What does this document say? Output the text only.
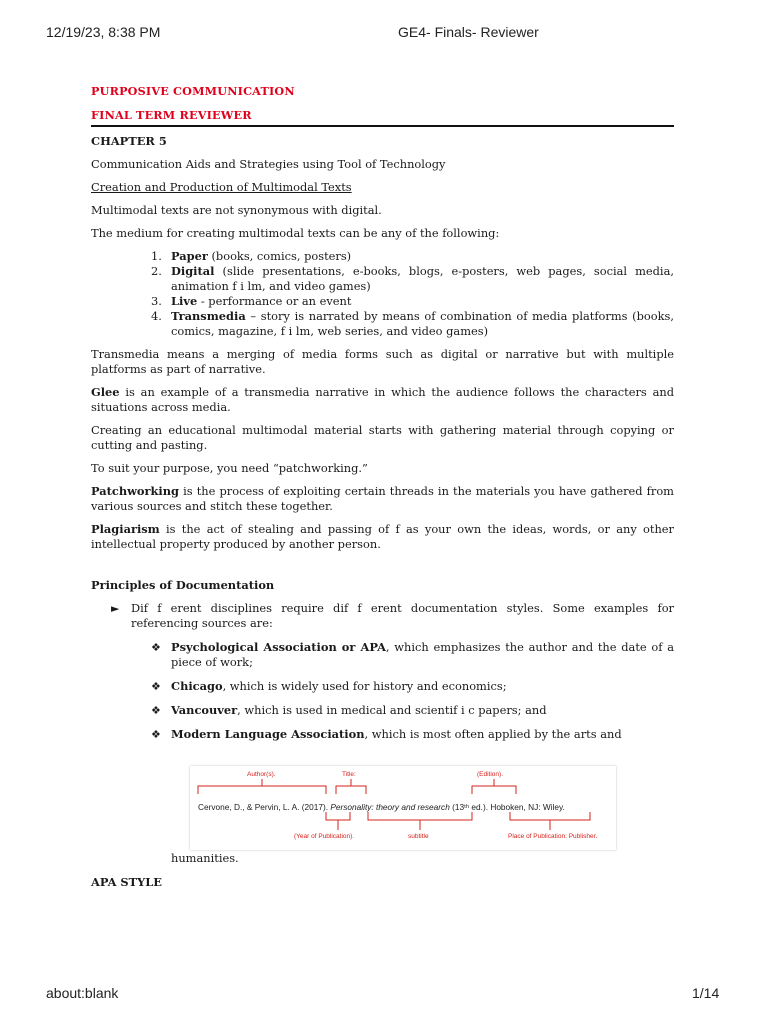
12/19/23, 8:38 PM	GE4- Finals- Reviewer

PURPOSIVE COMMUNICATION

FINAL TERM REVIEWER

CHAPTER 5

Communication Aids and Strategies using Tool of Technology

Creation and Production of Multimodal Texts

Multimodal texts are not synonymous with digital.

The medium for creating multimodal texts can be any of the following:

1. Paper (books, comics, posters)
2. Digital (slide presentations, e-books, blogs, e-posters, web pages, social media, animation f i lm, and video games)
3. Live - performance or an event
4. Transmedia – story is narrated by means of combination of media platforms (books, comics, magazine, f i lm, web series, and video games)

Transmedia means a merging of media forms such as digital or narrative but with multiple platforms as part of narrative.

Glee is an example of a transmedia narrative in which the audience follows the characters and situations across media.

Creating an educational multimodal material starts with gathering material through copying or cutting and pasting.

To suit your purpose, you need “patchworking.”

Patchworking is the process of exploiting certain threads in the materials you have gathered from various sources and stitch these together.

Plagiarism is the act of stealing and passing of f as your own the ideas, words, or any other intellectual property produced by another person.

Principles of Documentation

► Dif f erent disciplines require dif f erent documentation styles. Some examples for referencing sources are:
❖ Psychological Association or APA, which emphasizes the author and the date of a piece of work;
❖ Chicago, which is widely used for history and economics;
❖ Vancouver, which is used in medical and scientif i c papers; and
❖ Modern Language Association, which is most often applied by the arts and
Author(s).	Title:	(Edition).
Cervone, D., & Pervin, L. A. (2017). Personality: theory and research (13ᵗʰ ed.). Hoboken, NJ: Wiley.
(Year of Publication).	subtitle	Place of Publication: Publisher.
humanities.
APA STYLE
about:blank	1/14
